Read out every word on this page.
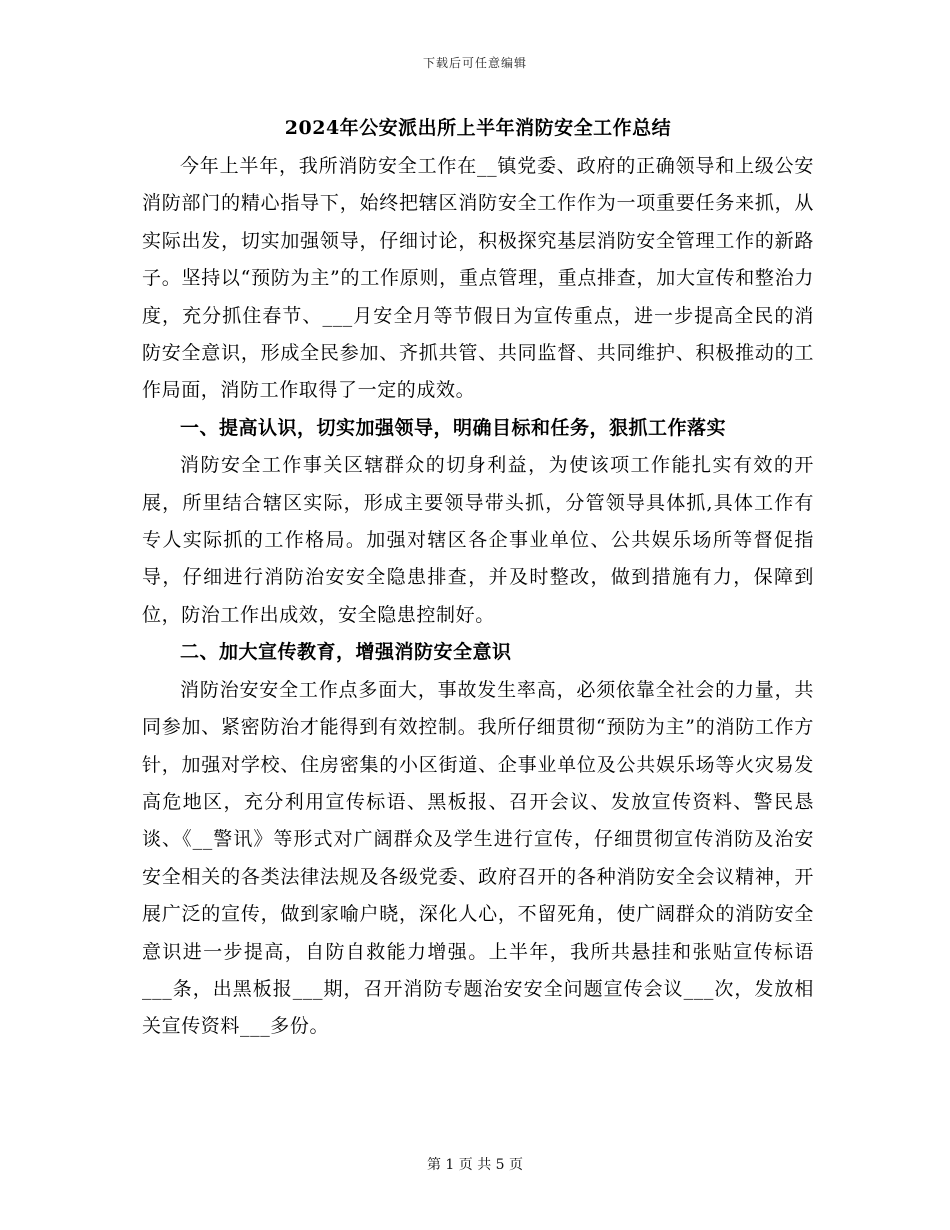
下载后可任意编辑
2024年公安派出所上半年消防安全工作总结

今年上半年，我所消防安全工作在__镇党委、政府的正确领导和上级公安消防部门的精心指导下，始终把辖区消防安全工作作为一项重要任务来抓，从实际出发，切实加强领导，仔细讨论，积极探究基层消防安全管理工作的新路子。坚持以“预防为主”的工作原则，重点管理，重点排查，加大宣传和整治力度，充分抓住春节、___月安全月等节假日为宣传重点，进一步提高全民的消防安全意识，形成全民参加、齐抓共管、共同监督、共同维护、积极推动的工作局面，消防工作取得了一定的成效。

一、提高认识，切实加强领导，明确目标和任务，狠抓工作落实

消防安全工作事关区辖群众的切身利益，为使该项工作能扎实有效的开展，所里结合辖区实际，形成主要领导带头抓，分管领导具体抓,具体工作有专人实际抓的工作格局。加强对辖区各企事业单位、公共娱乐场所等督促指导，仔细进行消防治安安全隐患排查，并及时整改，做到措施有力，保障到位，防治工作出成效，安全隐患控制好。

二、加大宣传教育，增强消防安全意识

消防治安安全工作点多面大，事故发生率高，必须依靠全社会的力量，共同参加、紧密防治才能得到有效控制。我所仔细贯彻“预防为主”的消防工作方针，加强对学校、住房密集的小区街道、企事业单位及公共娱乐场等火灾易发高危地区，充分利用宣传标语、黑板报、召开会议、发放宣传资料、警民恳谈、《__警讯》等形式对广阔群众及学生进行宣传，仔细贯彻宣传消防及治安安全相关的各类法律法规及各级党委、政府召开的各种消防安全会议精神，开展广泛的宣传，做到家喻户晓，深化人心，不留死角，使广阔群众的消防安全意识进一步提高，自防自救能力增强。上半年，我所共悬挂和张贴宣传标语___条，出黑板报___期，召开消防专题治安安全问题宣传会议___次，发放相关宣传资料___多份。

第 1 页 共 5 页
